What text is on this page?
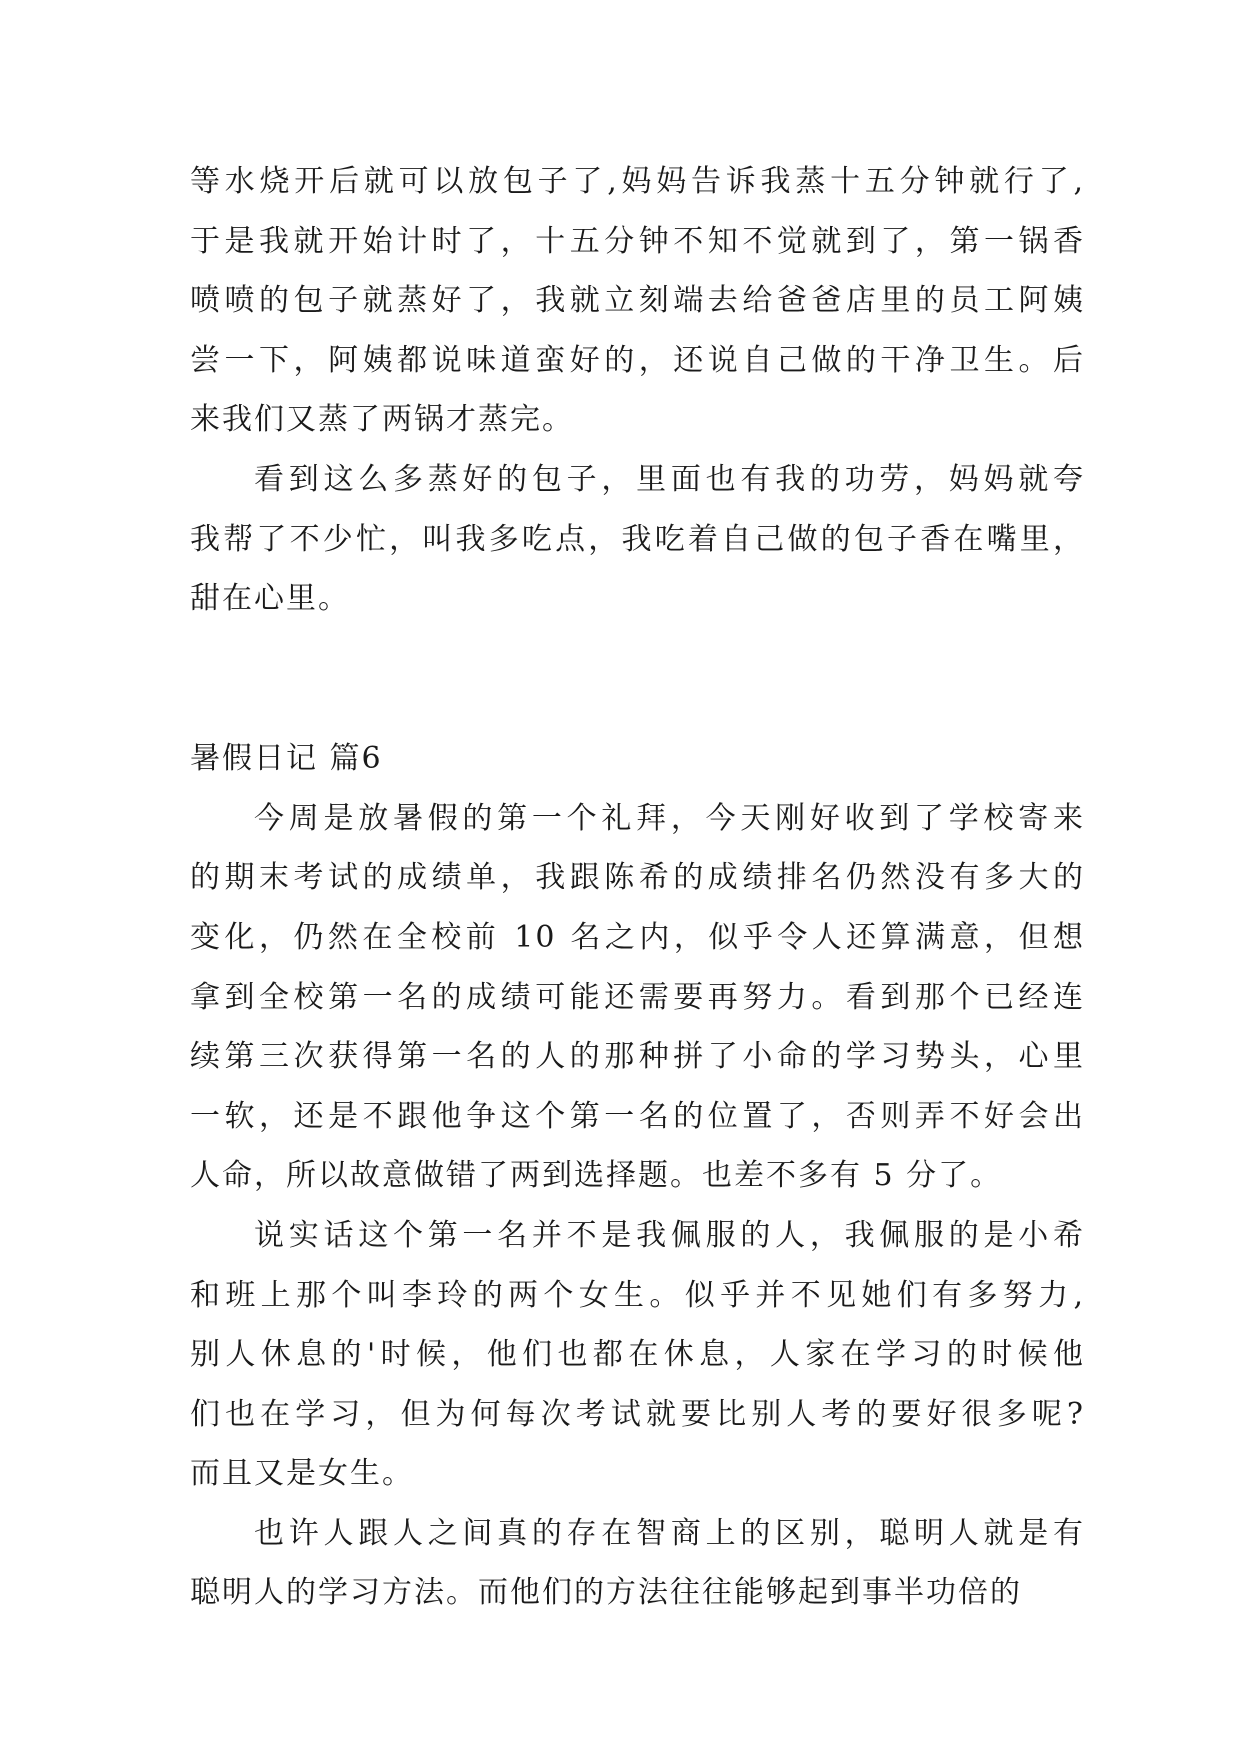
等水烧开后就可以放包子了,妈妈告诉我蒸十五分钟就行了,
于是我就开始计时了，十五分钟不知不觉就到了，第一锅香
喷喷的包子就蒸好了，我就立刻端去给爸爸店里的员工阿姨
尝一下，阿姨都说味道蛮好的，还说自己做的干净卫生。后
来我们又蒸了两锅才蒸完。
看到这么多蒸好的包子，里面也有我的功劳，妈妈就夸
我帮了不少忙，叫我多吃点，我吃着自己做的包子香在嘴里，
甜在心里。
暑假日记 篇6
今周是放暑假的第一个礼拜，今天刚好收到了学校寄来
的期末考试的成绩单，我跟陈希的成绩排名仍然没有多大的
变化，仍然在全校前 10 名之内，似乎令人还算满意，但想
拿到全校第一名的成绩可能还需要再努力。看到那个已经连
续第三次获得第一名的人的那种拼了小命的学习势头，心里
一软，还是不跟他争这个第一名的位置了，否则弄不好会出
人命，所以故意做错了两到选择题。也差不多有 5 分了。
说实话这个第一名并不是我佩服的人，我佩服的是小希
和班上那个叫李玲的两个女生。似乎并不见她们有多努力,
别人休息的'时候，他们也都在休息，人家在学习的时候他
们也在学习，但为何每次考试就要比别人考的要好很多呢?
而且又是女生。
也许人跟人之间真的存在智商上的区别，聪明人就是有
聪明人的学习方法。而他们的方法往往能够起到事半功倍的
